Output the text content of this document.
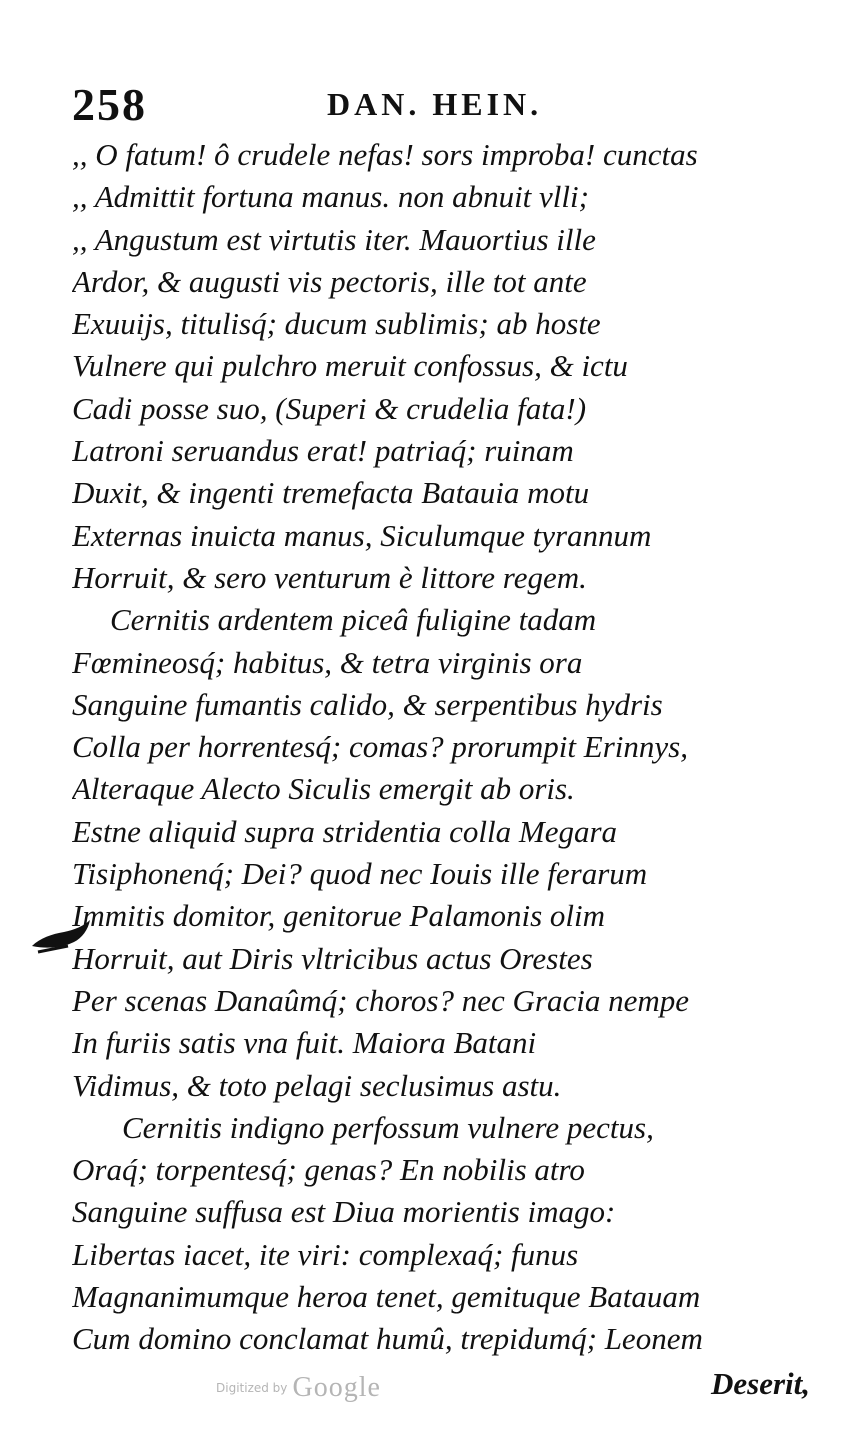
258	DAN. HEIN.
,, O fatum! ô crudele nefas! sors improba! cunctas
,, Admittit fortuna manus. non abnuit vlli;
,, Angustum est virtutis iter. Mauortius ille
Ardor, & augusti vis pectoris, ille tot ante
Exuuijs, titulisq́; ducum sublimis; ab hoste
Vulnere qui pulchro meruit confossus, & ictu
Cadi posse suo, (Superi & crudelia fata!)
Latroni seruandus erat! patriaq́; ruinam
Duxit, & ingenti tremefacta Batauia motu
Externas inuicta manus, Siculumque tyrannum
Horruit, & sero venturum è littore regem.
Cernitis ardentem piceâ fuligine tadam
Fœmineosq́; habitus, & tetra virginis ora
Sanguine fumantis calido, & serpentibus hydris
Colla per horrentesq́; comas? prorumpit Erinnys,
Alteraque Alecto Siculis emergit ab oris.
Estne aliquid supra stridentia colla Megara
Tisiphonenq́; Dei? quod nec Iouis ille ferarum
Immitis domitor, genitorue Palamonis olim
Horruit, aut Diris vltricibus actus Orestes
Per scenas Danaûmq́; choros? nec Gracia nempe
In furiis satis vna fuit. Maiora Batani
Vidimus, & toto pelagi seclusimus astu.
Cernitis indigno perfossum vulnere pectus,
Oraq́; torpentesq́; genas? En nobilis atro
Sanguine suffusa est Diua morientis imago:
Libertas iacet, ite viri: complexaq́; funus
Magnanimumque heroa tenet, gemituque Batauam
Cum domino conclamat humû, trepidumq́; Leonem
Digitized by Google	Deserit,
